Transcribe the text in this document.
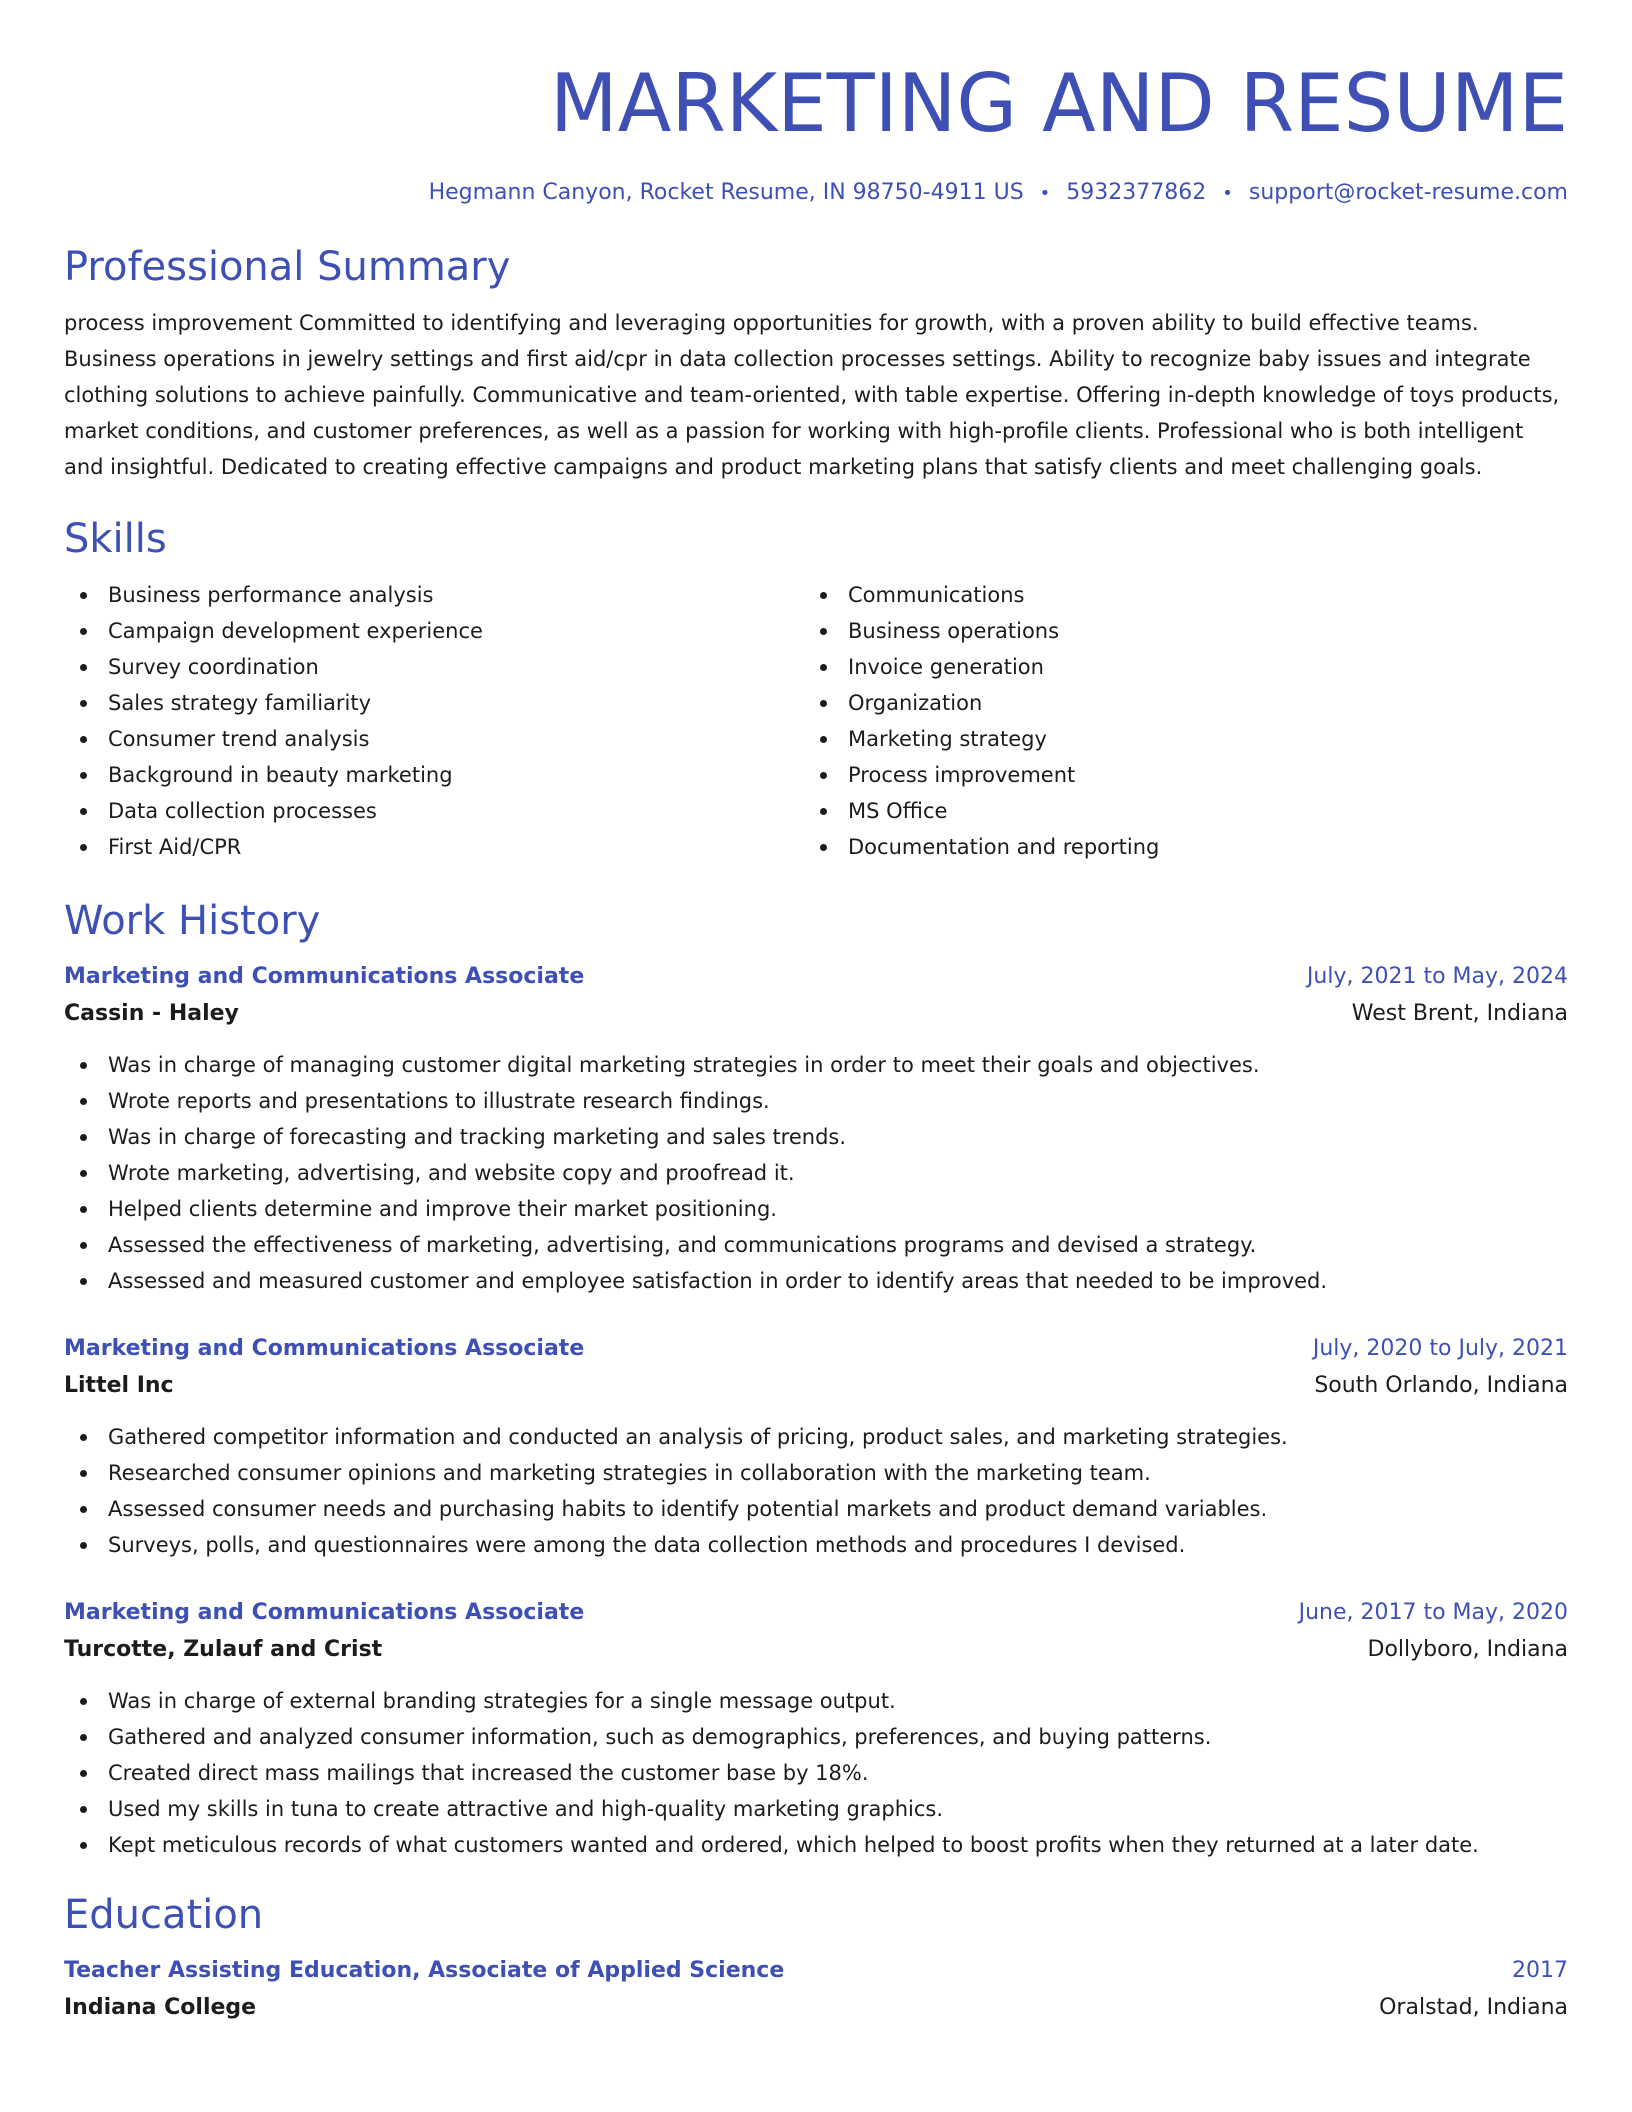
MARKETING AND RESUME
Hegmann Canyon, Rocket Resume, IN 98750-4911 US • 5932377862 • support@rocket-resume.com
Professional Summary

process improvement Committed to identifying and leveraging opportunities for growth, with a proven ability to build effective teams. Business operations in jewelry settings and first aid/cpr in data collection processes settings. Ability to recognize baby issues and integrate clothing solutions to achieve painfully. Communicative and team-oriented, with table expertise. Offering in-depth knowledge of toys products, market conditions, and customer preferences, as well as a passion for working with high-profile clients. Professional who is both intelligent and insightful. Dedicated to creating effective campaigns and product marketing plans that satisfy clients and meet challenging goals.

Skills
Business performance analysis
Campaign development experience
Survey coordination
Sales strategy familiarity
Consumer trend analysis
Background in beauty marketing
Data collection processes
First Aid/CPR
Communications
Business operations
Invoice generation
Organization
Marketing strategy
Process improvement
MS Office
Documentation and reporting
Work History
Marketing and Communications Associate	July, 2021 to May, 2024
Cassin - Haley	West Brent, Indiana
Was in charge of managing customer digital marketing strategies in order to meet their goals and objectives.
Wrote reports and presentations to illustrate research findings.
Was in charge of forecasting and tracking marketing and sales trends.
Wrote marketing, advertising, and website copy and proofread it.
Helped clients determine and improve their market positioning.
Assessed the effectiveness of marketing, advertising, and communications programs and devised a strategy.
Assessed and measured customer and employee satisfaction in order to identify areas that needed to be improved.
Marketing and Communications Associate	July, 2020 to July, 2021
Littel Inc	South Orlando, Indiana
Gathered competitor information and conducted an analysis of pricing, product sales, and marketing strategies.
Researched consumer opinions and marketing strategies in collaboration with the marketing team.
Assessed consumer needs and purchasing habits to identify potential markets and product demand variables.
Surveys, polls, and questionnaires were among the data collection methods and procedures I devised.
Marketing and Communications Associate	June, 2017 to May, 2020
Turcotte, Zulauf and Crist	Dollyboro, Indiana
Was in charge of external branding strategies for a single message output.
Gathered and analyzed consumer information, such as demographics, preferences, and buying patterns.
Created direct mass mailings that increased the customer base by 18%.
Used my skills in tuna to create attractive and high-quality marketing graphics.
Kept meticulous records of what customers wanted and ordered, which helped to boost profits when they returned at a later date.
Education
Teacher Assisting Education, Associate of Applied Science	2017
Indiana College	Oralstad, Indiana
